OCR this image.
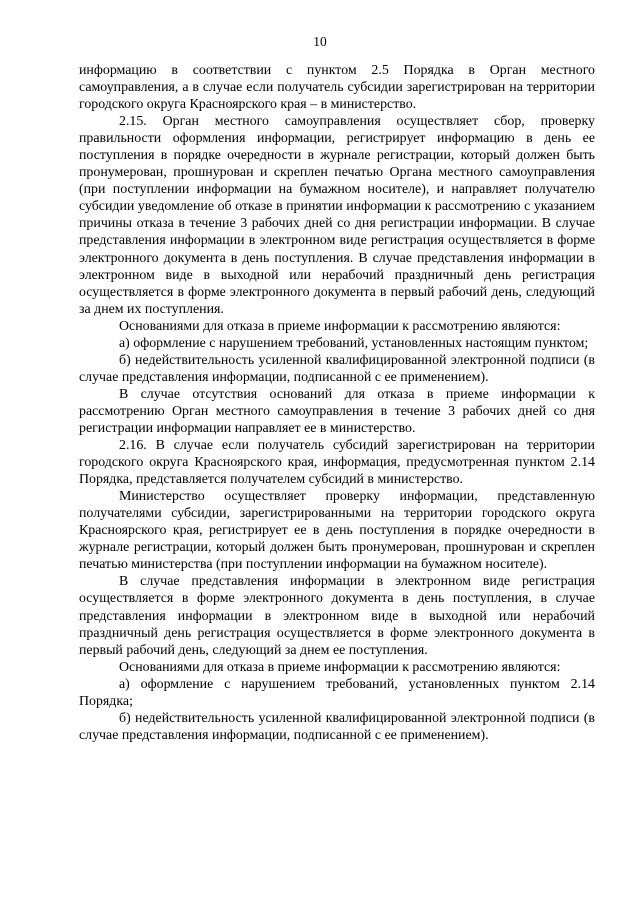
10

информацию в соответствии с пунктом 2.5 Порядка в Орган местного самоуправления, а в случае если получатель субсидии зарегистрирован на территории городского округа Красноярского края – в министерство.

2.15. Орган местного самоуправления осуществляет сбор, проверку правильности оформления информации, регистрирует информацию в день ее поступления в порядке очередности в журнале регистрации, который должен быть пронумерован, прошнурован и скреплен печатью Органа местного самоуправления (при поступлении информации на бумажном носителе), и направляет получателю субсидии уведомление об отказе в принятии информации к рассмотрению с указанием причины отказа в течение 3 рабочих дней со дня регистрации информации. В случае представления информации в электронном виде регистрация осуществляется в форме электронного документа в день поступления. В случае представления информации в электронном виде в выходной или нерабочий праздничный день регистрация осуществляется в форме электронного документа в первый рабочий день, следующий за днем их поступления.

Основаниями для отказа в приеме информации к рассмотрению являются:

а) оформление с нарушением требований, установленных настоящим пунктом;

б) недействительность усиленной квалифицированной электронной подписи (в случае представления информации, подписанной с ее применением).

В случае отсутствия оснований для отказа в приеме информации к рассмотрению Орган местного самоуправления в течение 3 рабочих дней со дня регистрации информации направляет ее в министерство.

2.16. В случае если получатель субсидий зарегистрирован на территории городского округа Красноярского края, информация, предусмотренная пунктом 2.14 Порядка, представляется получателем субсидий в министерство.

Министерство осуществляет проверку информации, представленную получателями субсидии, зарегистрированными на территории городского округа Красноярского края, регистрирует ее в день поступления в порядке очередности в журнале регистрации, который должен быть пронумерован, прошнурован и скреплен печатью министерства (при поступлении информации на бумажном носителе).

В случае представления информации в электронном виде регистрация осуществляется в форме электронного документа в день поступления, в случае представления информации в электронном виде в выходной или нерабочий праздничный день регистрация осуществляется в форме электронного документа в первый рабочий день, следующий за днем ее поступления.

Основаниями для отказа в приеме информации к рассмотрению являются:

а) оформление с нарушением требований, установленных пунктом 2.14 Порядка;

б) недействительность усиленной квалифицированной электронной подписи (в случае представления информации, подписанной с ее применением).
